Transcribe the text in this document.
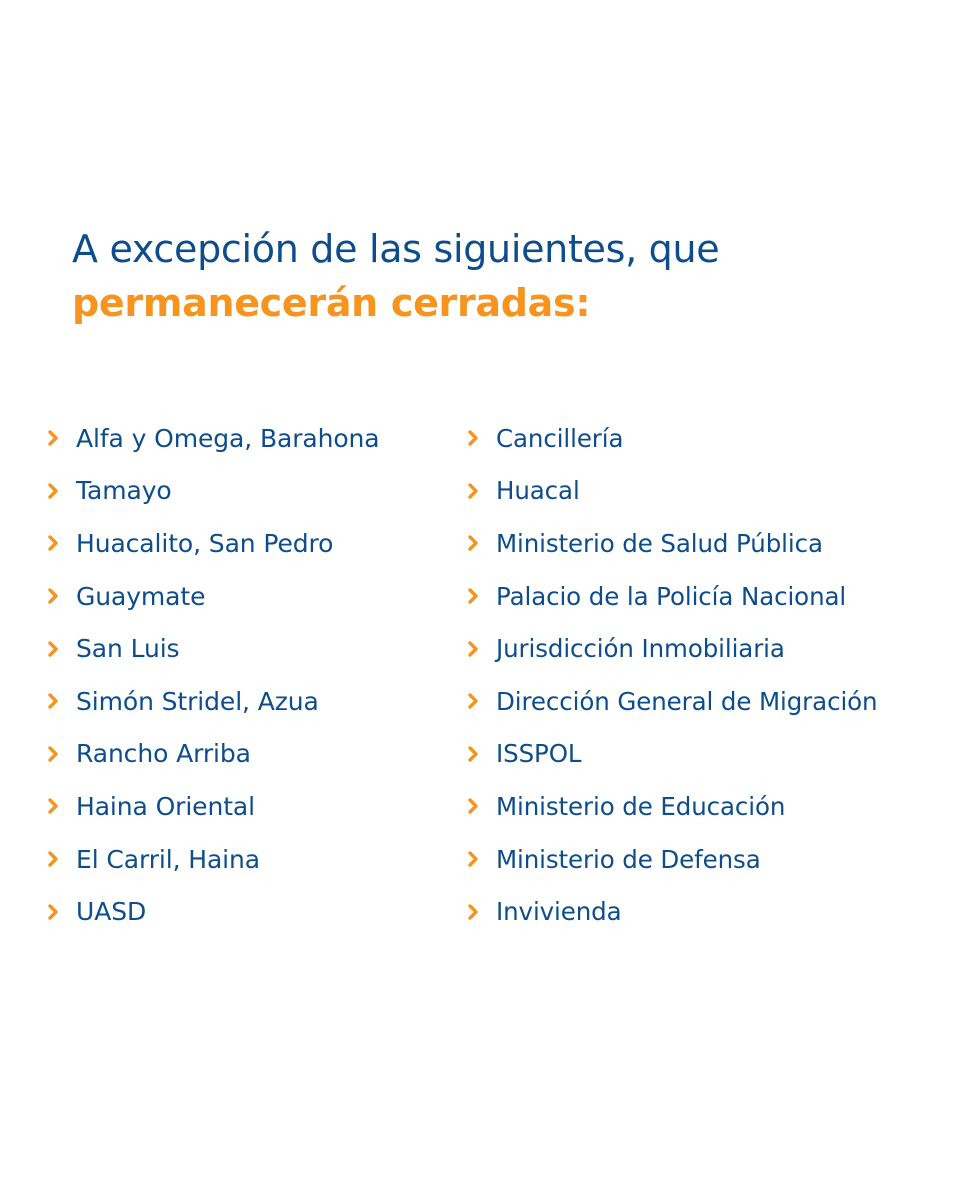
A excepción de las siguientes, que
permanecerán cerradas:
Alfa y Omega, Barahona
Tamayo
Huacalito, San Pedro
Guaymate
San Luis
Simón Stridel, Azua
Rancho Arriba
Haina Oriental
El Carril, Haina
UASD
Cancillería
Huacal
Ministerio de Salud Pública
Palacio de la Policía Nacional
Jurisdicción Inmobiliaria
Dirección General de Migración
ISSPOL
Ministerio de Educación
Ministerio de Defensa
Invivienda
